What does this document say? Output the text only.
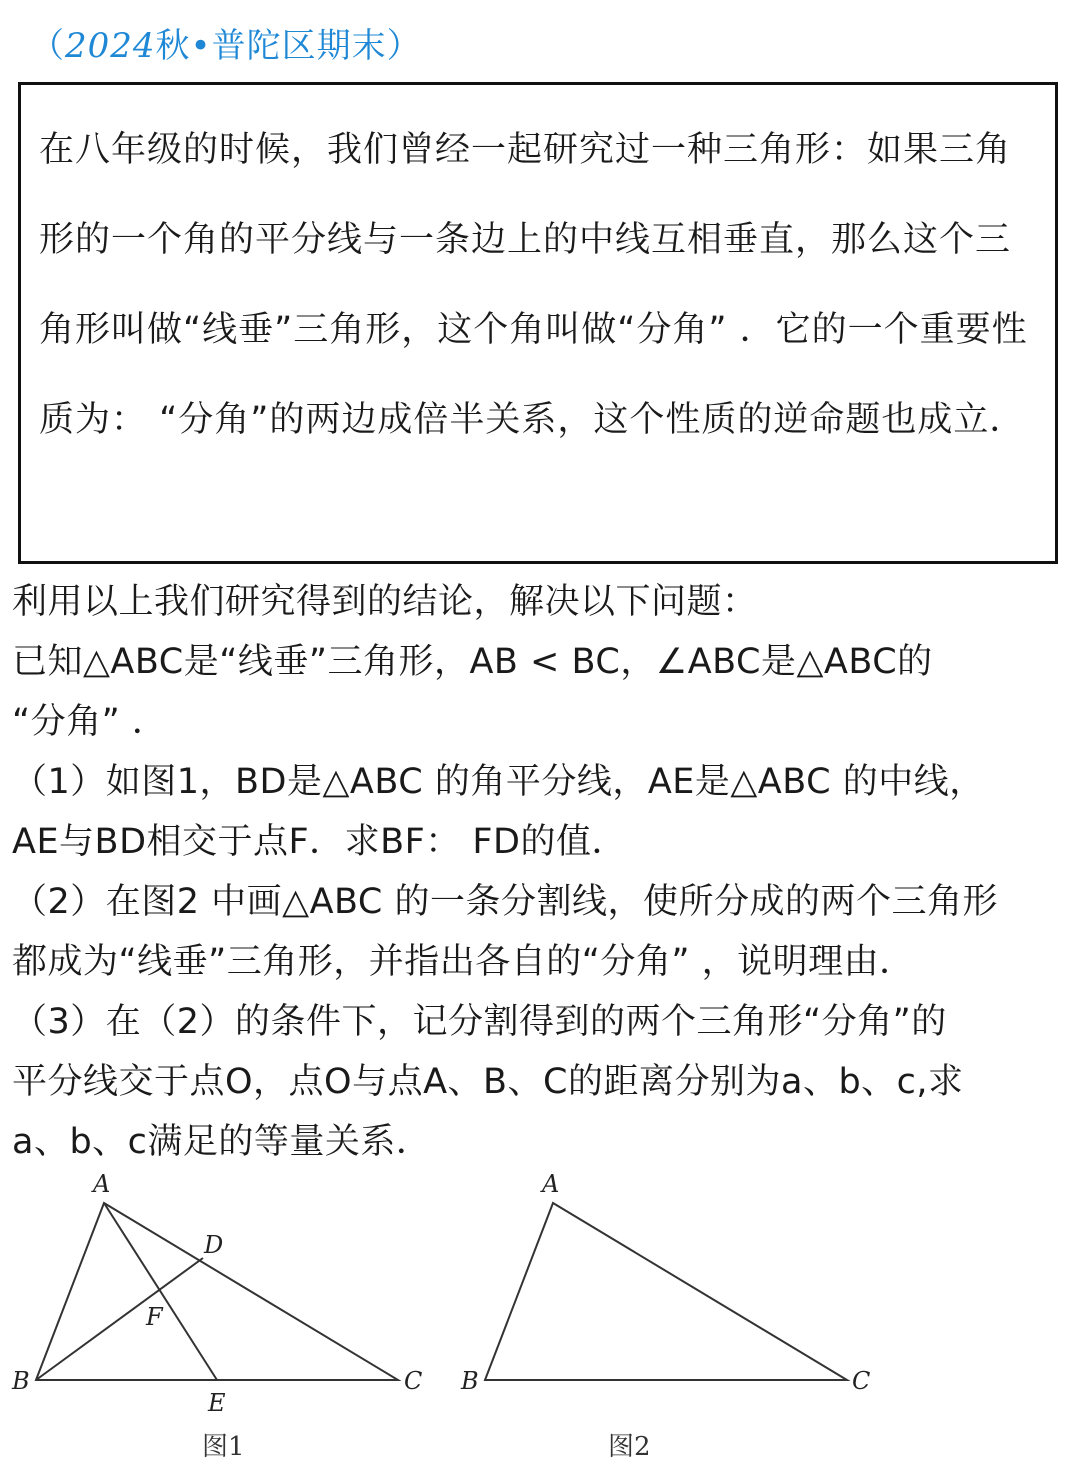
（2024秋•普陀区期末）

在八年级的时候，我们曾经一起研究过一种三角形：如果三角形的一个角的平分线与一条边上的中线互相垂直，那么这个三角形叫做“线垂”三角形，这个角叫做“分角” ．它的一个重要性质为： “分角”的两边成倍半关系，这个性质的逆命题也成立．

利用以上我们研究得到的结论，解决以下问题：
已知△ABC是“线垂”三角形，AB < BC，∠ABC是△ABC的
“分角” ．
（1）如图1，BD是△ABC 的角平分线，AE是△ABC 的中线，
AE与BD相交于点F．求BF： FD的值．
（2）在图2 中画△ABC 的一条分割线，使所分成的两个三角形
都成为“线垂”三角形，并指出各自的“分角” ，说明理由．
（3）在（2）的条件下，记分割得到的两个三角形“分角”的
平分线交于点O，点O与点A、B、C的距离分别为a、b、c,求
a、b、c满足的等量关系．
A
B	C
D
E
F
图1
A
B	C
图2
